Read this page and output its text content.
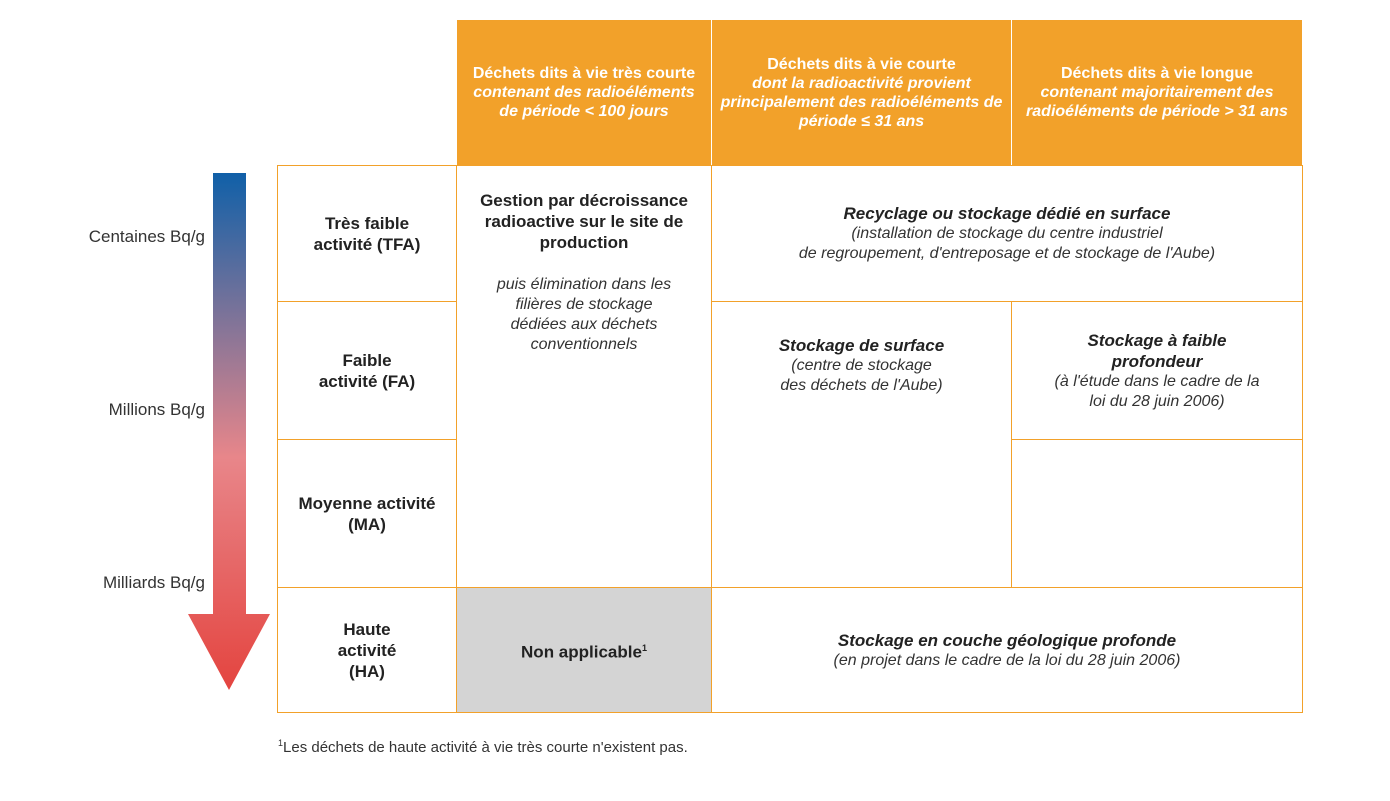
Centaines Bq/g
Millions Bq/g
Milliards Bq/g
Déchets dits à vie très courte
contenant des radioéléments de période < 100 jours
Déchets dits à vie courte
dont la radioactivité provient principalement des radioéléments de période ≤ 31 ans
Déchets dits à vie longue
contenant majoritairement des radioéléments de période > 31 ans
Très faible activité (TFA)
Faible activité (FA)
Moyenne activité (MA)
Haute activité (HA)
Gestion par décroissance radioactive sur le site de production
puis élimination dans les filières de stockage dédiées aux déchets conventionnels
Recyclage ou stockage dédié en surface
(installation de stockage du centre industriel
de regroupement, d'entreposage et de stockage de l'Aube)
Stockage de surface
(centre de stockage des déchets de l'Aube)
Stockage à faible profondeur
(à l'étude dans le cadre de la loi du 28 juin 2006)
Non applicable$^1$	Stockage en couche géologique profonde
(en projet dans le cadre de la loi du 28 juin 2006)
$^1$Les déchets de haute activité à vie très courte n'existent pas.
